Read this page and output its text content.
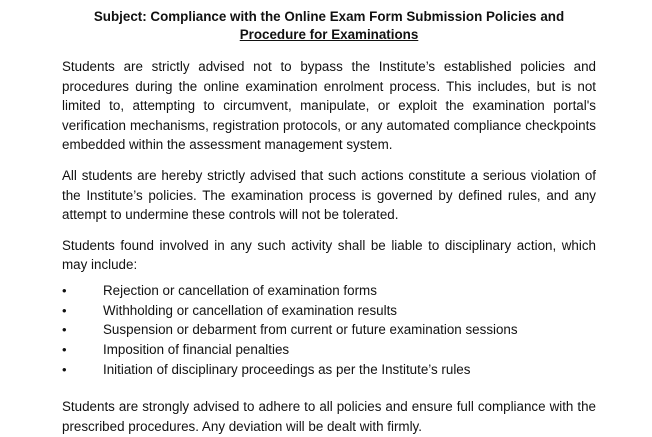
Subject: Compliance with the Online Exam Form Submission Policies and
Procedure for Examinations

Students are strictly advised not to bypass the Institute’s established policies and procedures during the online examination enrolment process. This includes, but is not limited to, attempting to circumvent, manipulate, or exploit the examination portal's verification mechanisms, registration protocols, or any automated compliance checkpoints embedded within the assessment management system.

All students are hereby strictly advised that such actions constitute a serious violation of the Institute’s policies. The examination process is governed by defined rules, and any attempt to undermine these controls will not be tolerated.

Students found involved in any such activity shall be liable to disciplinary action, which may include:

•	Rejection or cancellation of examination forms
•	Withholding or cancellation of examination results
•	Suspension or debarment from current or future examination sessions
•	Imposition of financial penalties
•	Initiation of disciplinary proceedings as per the Institute’s rules

Students are strongly advised to adhere to all policies and ensure full compliance with the prescribed procedures. Any deviation will be dealt with firmly.
